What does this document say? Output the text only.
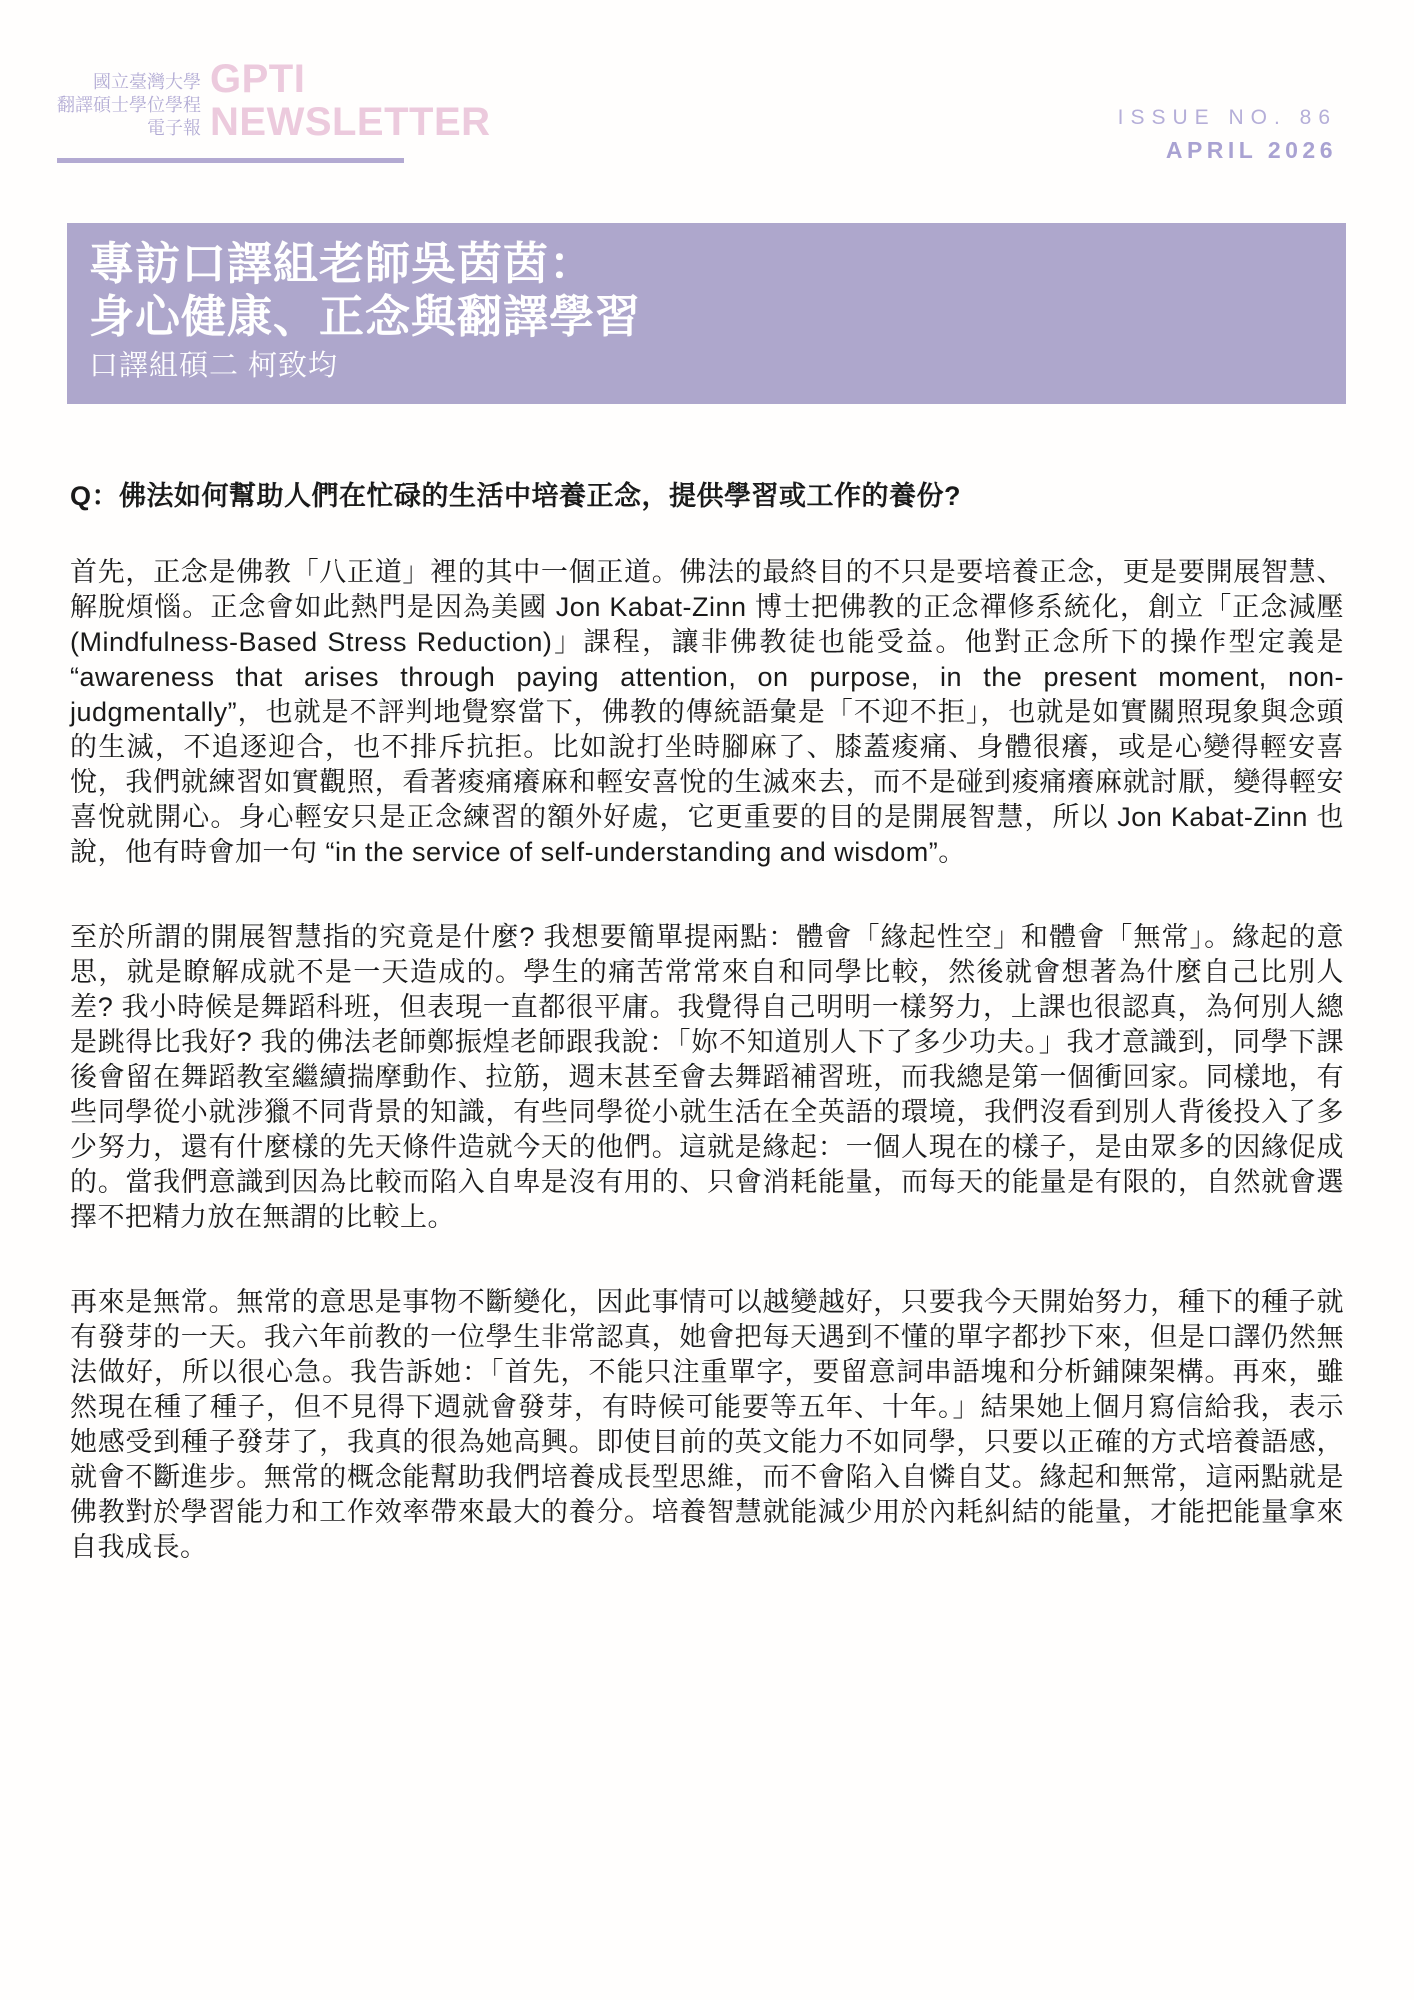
國立臺灣大學
翻譯碩士學位學程
電子報
GPTI
NEWSLETTER	ISSUE NO. 86
APRIL 2026
專訪口譯組老師吳茵茵：
身心健康、正念與翻譯學習
口譯組碩二 柯致均
Q：佛法如何幫助人們在忙碌的生活中培養正念，提供學習或工作的養份?

首先，正念是佛教「八正道」裡的其中一個正道。佛法的最終目的不只是要培養正念，更是要開展智慧、解脫煩惱。正念會如此熱門是因為美國 Jon Kabat-Zinn 博士把佛教的正念禪修系統化，創立「正念減壓 (Mindfulness-Based Stress Reduction)」課程，讓非佛教徒也能受益。他對正念所下的操作型定義是 “awareness that arises through paying attention, on purpose, in the present moment, non-judgmentally”，也就是不評判地覺察當下，佛教的傳統語彙是「不迎不拒」，也就是如實關照現象與念頭的生滅，不追逐迎合，也不排斥抗拒。比如說打坐時腳麻了、膝蓋痠痛、身體很癢，或是心變得輕安喜悅，我們就練習如實觀照，看著痠痛癢麻和輕安喜悅的生滅來去，而不是碰到痠痛癢麻就討厭，變得輕安喜悅就開心。身心輕安只是正念練習的額外好處，它更重要的目的是開展智慧，所以 Jon Kabat-Zinn 也說，他有時會加一句 “in the service of self-understanding and wisdom”。

至於所謂的開展智慧指的究竟是什麼? 我想要簡單提兩點：體會「緣起性空」和體會「無常」。緣起的意思，就是瞭解成就不是一天造成的。學生的痛苦常常來自和同學比較，然後就會想著為什麼自己比別人差? 我小時候是舞蹈科班，但表現一直都很平庸。我覺得自己明明一樣努力，上課也很認真，為何別人總是跳得比我好? 我的佛法老師鄭振煌老師跟我說：「妳不知道別人下了多少功夫。」我才意識到，同學下課後會留在舞蹈教室繼續揣摩動作、拉筋，週末甚至會去舞蹈補習班，而我總是第一個衝回家。同樣地，有些同學從小就涉獵不同背景的知識，有些同學從小就生活在全英語的環境，我們沒看到別人背後投入了多少努力，還有什麼樣的先天條件造就今天的他們。這就是緣起：一個人現在的樣子，是由眾多的因緣促成的。當我們意識到因為比較而陷入自卑是沒有用的、只會消耗能量，而每天的能量是有限的，自然就會選擇不把精力放在無謂的比較上。

再來是無常。無常的意思是事物不斷變化，因此事情可以越變越好，只要我今天開始努力，種下的種子就有發芽的一天。我六年前教的一位學生非常認真，她會把每天遇到不懂的單字都抄下來，但是口譯仍然無法做好，所以很心急。我告訴她：「首先，不能只注重單字，要留意詞串語塊和分析鋪陳架構。再來，雖然現在種了種子，但不見得下週就會發芽，有時候可能要等五年、十年。」結果她上個月寫信給我，表示她感受到種子發芽了，我真的很為她高興。即使目前的英文能力不如同學，只要以正確的方式培養語感，就會不斷進步。無常的概念能幫助我們培養成長型思維，而不會陷入自憐自艾。緣起和無常，這兩點就是佛教對於學習能力和工作效率帶來最大的養分。培養智慧就能減少用於內耗糾結的能量，才能把能量拿來自我成長。
